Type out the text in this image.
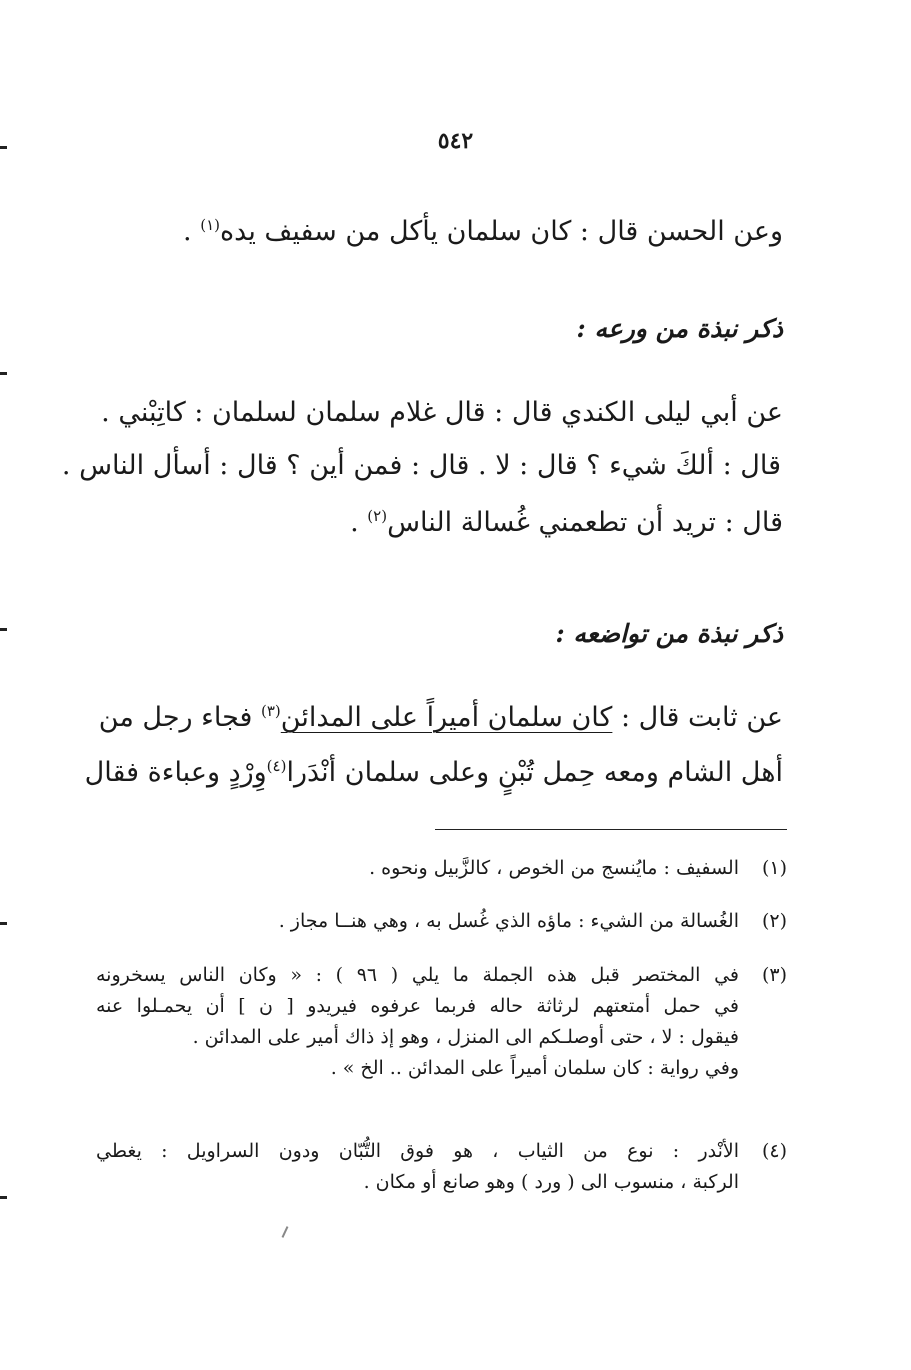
٥٤٢
وعن الحسن قال : كان سلمان يأكل من سفيف يده$^{(١)}$ .
ذكر نبذة من ورعه :
عن أبي ليلى الكندي قال : قال غلام سلمان لسلمان : كاتِبْني .
قال : ألكَ شيء ؟ قال : لا . قال : فمن أين ؟ قال : أسأل الناس .
قال : تريد أن تطعمني غُسالة الناس$^{(٢)}$ .
ذكر نبذة من تواضعه :
عن ثابت قال : كان سلمان أميراً على المدائن$^{(٣)}$ فجاء رجل من
أهل الشام ومعه حِمل تُبْنٍ وعلى سلمان أنْدَرا$^{(٤)}$وِرْدٍ وعباءة فقال
(١)
السفيف : مايُنسج من الخوص ، كالزَّبيل ونحوه .
(٢)
الغُسالة من الشيء : ماؤه الذي غُسل به ، وهي هنــا مجاز .
(٣)
في المختصر قبل هذه الجملة ما يلي ( ٩٦ ) : « وكان الناس يسخرونه
في حمل أمتعتهم لرثاثة حاله فربما عرفوه فيريدو [ ن ] أن يحمـلوا عنه
فيقول : لا ، حتى أوصلـكم الى المنزل ، وهو إذ ذاك أمير على المدائن .
وفي رواية : كان سلمان أميراً على المدائن .. الخ » .
(٤)
الأنْدر : نوع من الثياب ، هو فوق التُّبّان ودون السراويل : يغطي
الركبة ، منسوب الى ( ورد ) وهو صانع أو مكان .
